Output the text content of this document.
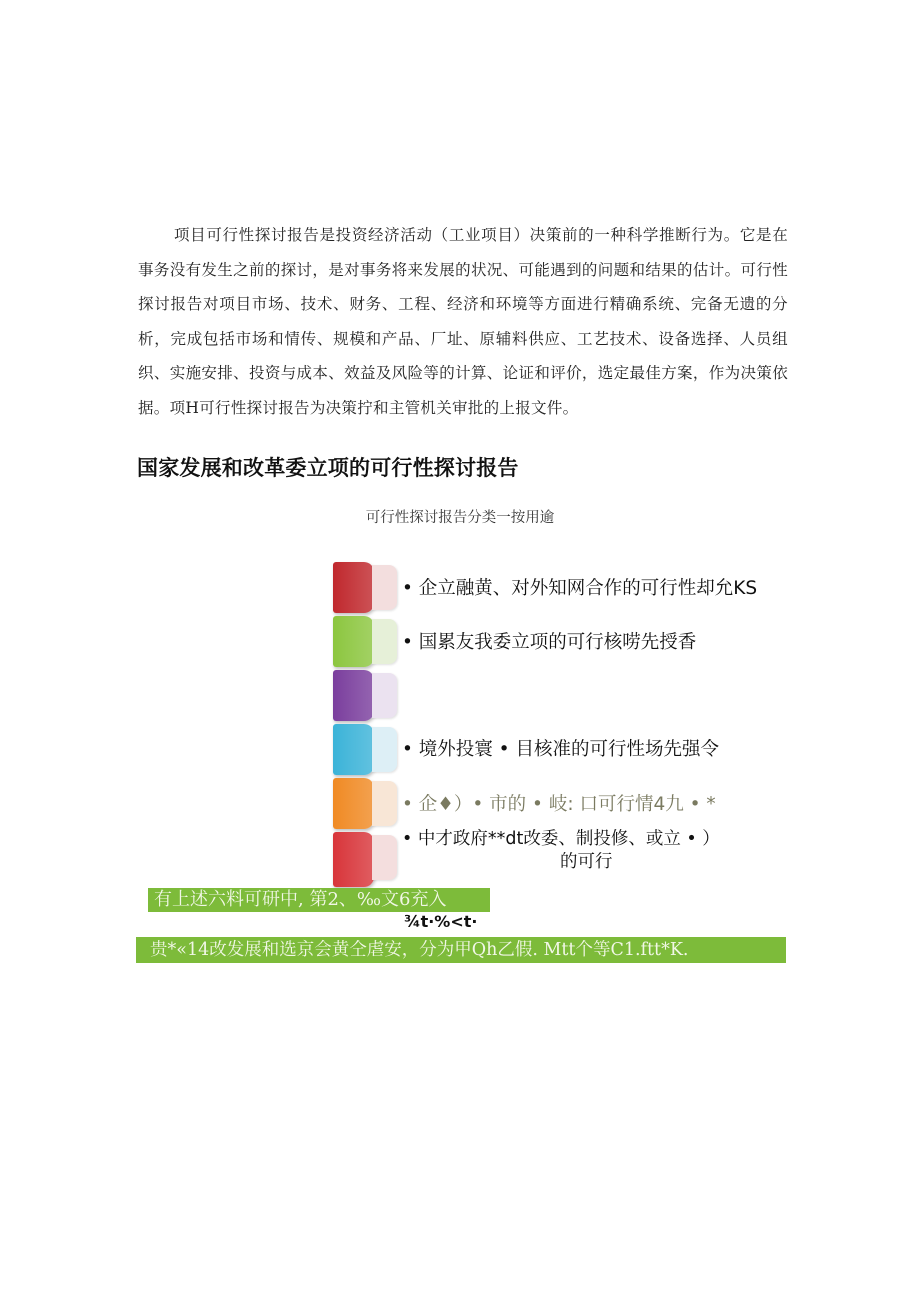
项目可行性探讨报告是投资经济活动（工业项目）决策前的一种科学推断行为。它是在事务没有发生之前的探讨，是对事务将来发展的状况、可能遇到的问题和结果的估计。可行性探讨报告对项目市场、技术、财务、工程、经济和环境等方面进行精确系统、完备无遗的分析，完成包括市场和情传、规模和产品、厂址、原辅料供应、工艺技术、设备选择、人员组织、实施安排、投资与成本、效益及风险等的计算、论证和评价，选定最佳方案，作为决策依据。项H可行性探讨报告为决策拧和主管机关审批的上报文件。

国家发展和改革委立项的可行性探讨报告
可行性探讨报告分类一按用逾
• 企立融黄、对外知网合作的可行性却允KS
• 国累友我委立项的可行核唠先授香
• 境外投寰 • 目核准的可行性场先强令
• 企♦）• 市的 • 岐: 口可行情4九 • *
• 中才政府**dt改委、制投修、或立 • ）
的可行
有上述六料可研中, 第2、‰文6充入
¾t·%<t·
贵*«14改发展和选京会黄仝虐安，分为甲Qh乙假. Mtt个等C1.ftt*K.
